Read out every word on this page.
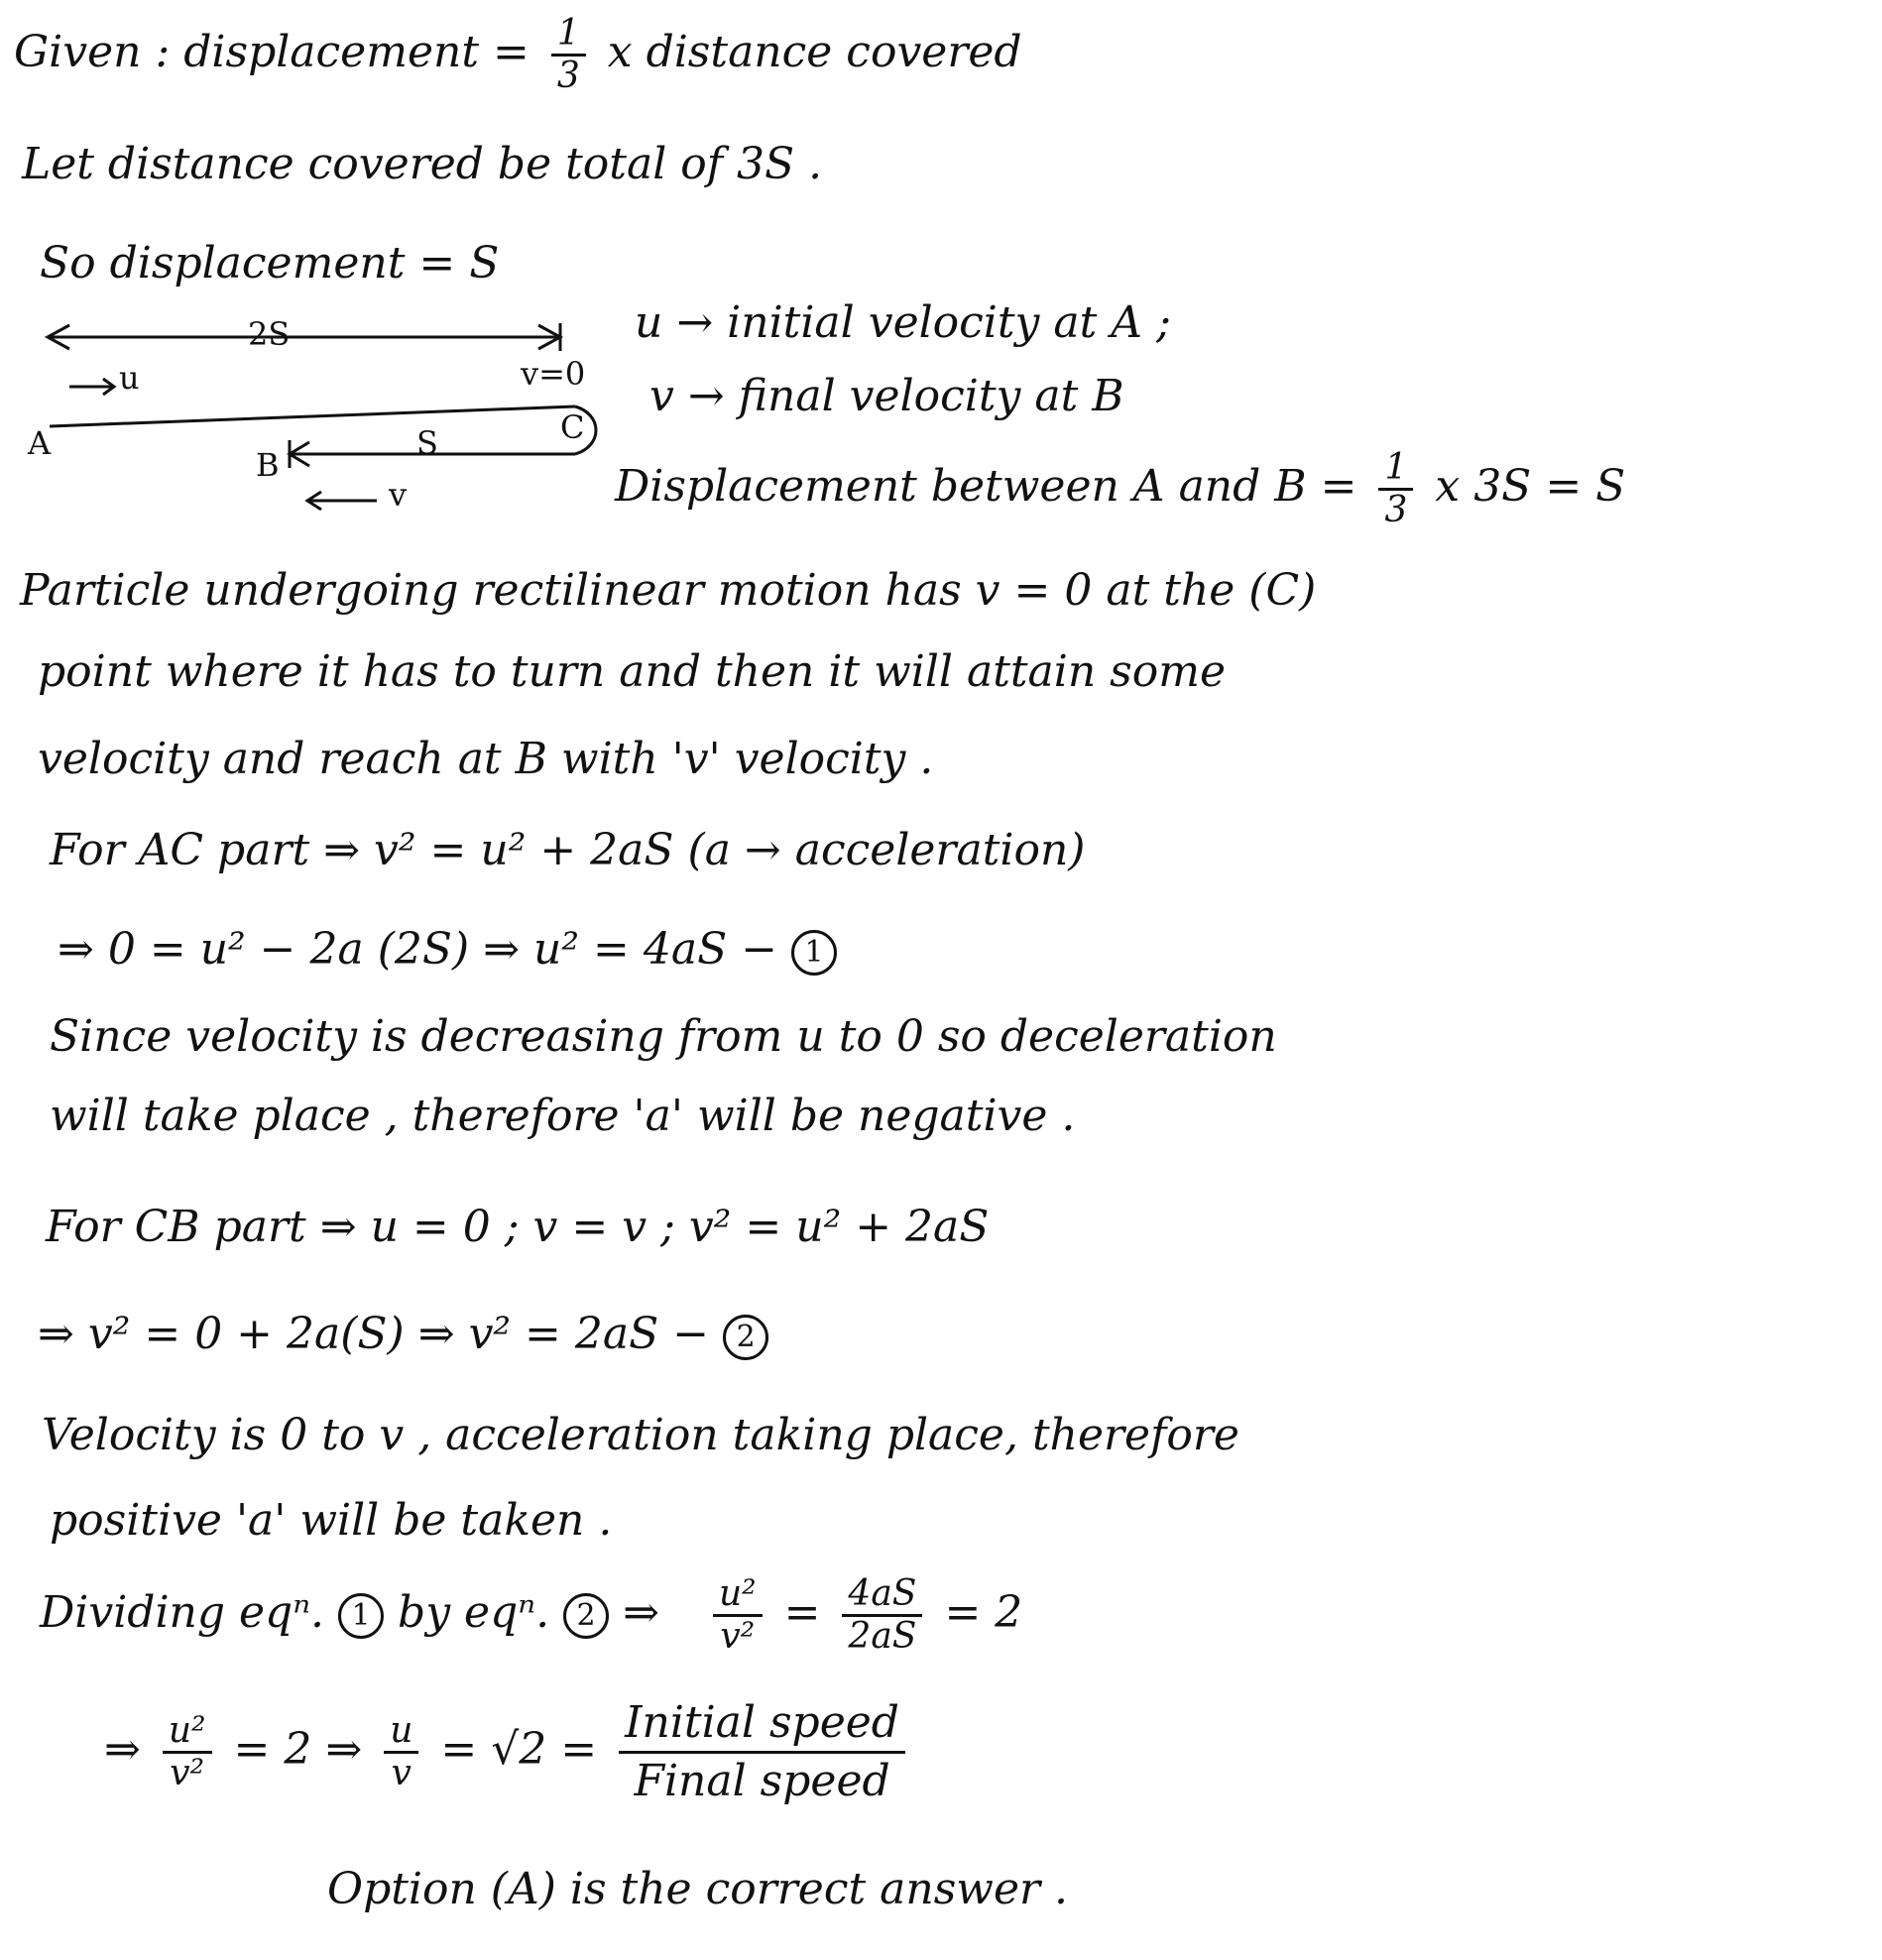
Given : displacement = $\frac{1}{3}$ x distance covered
Let distance covered be total of 3S .
So displacement = S
2S
u	v=0
A	C
B
S
v
u → initial velocity at A ;
v → final velocity at B
Displacement between A and $B = \frac{1}{3}$ x 3S = S
Particle undergoing rectilinear motion has v = 0 at the (C)
point where it has to turn and then it will attain some
velocity and reach at B with 'v' velocity .
For AC part ⇒ v² = u² + 2aS (a → acceleration)
⇒ 0 = u² − 2a (2S) ⇒ u² = 4aS − 1
Since velocity is decreasing from u to 0 so deceleration
will take place , therefore 'a' will be negative .
For CB part ⇒ u = 0 ; v = v ; v² = u² + 2aS
⇒ v² = 0 + 2a(S) ⇒ v² = 2aS − 2
Velocity is 0 to v , acceleration taking place, therefore
positive 'a' will be taken .
Dividing eqⁿ. 1 by eqⁿ. 2 ⇒ $\frac{\text{u²}}{\text{v²}} = \frac{4aS}{2aS} = 2$
⇒ $\frac{\text{u²}}{\text{v²}} = 2$ ⇒ $\frac{u}{v} = √2 = \frac{\text{Initial speed}}{\text{Final speed}}$
Option (A) is the correct answer .
